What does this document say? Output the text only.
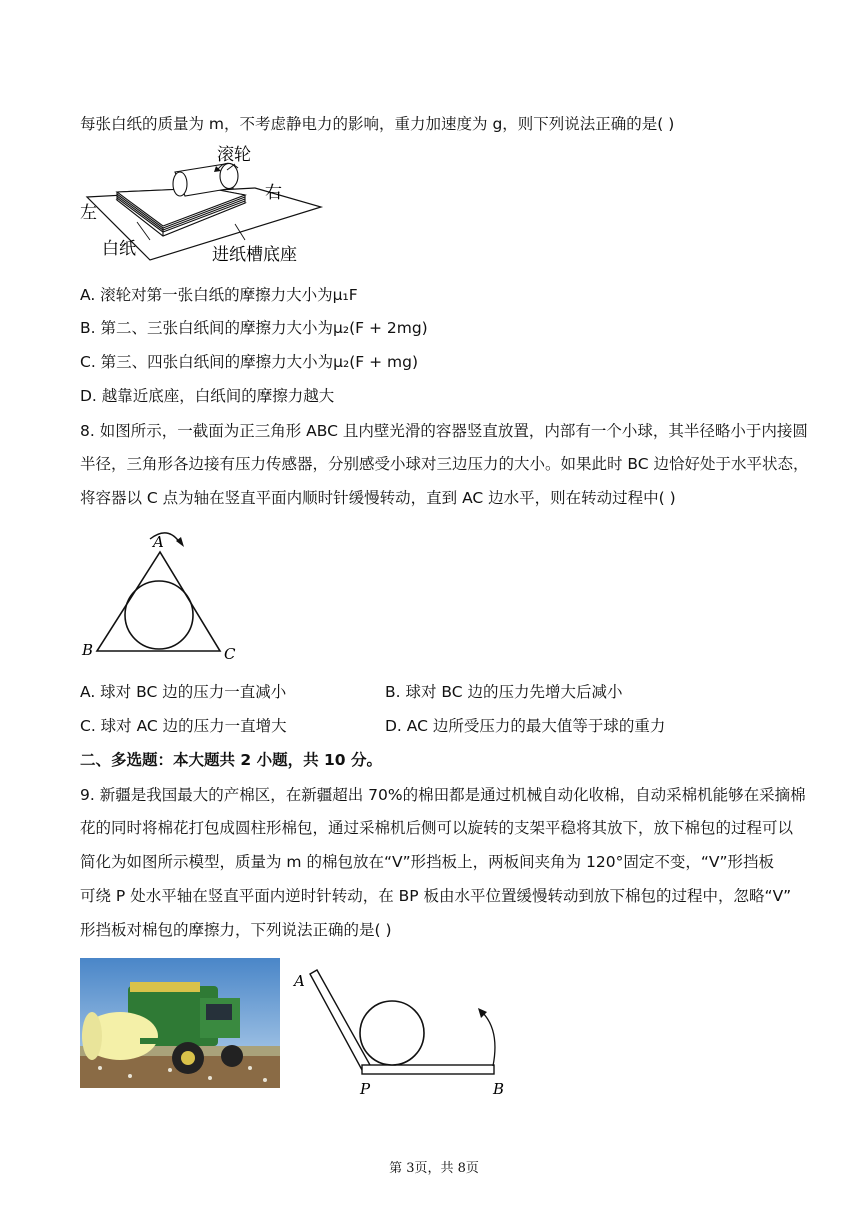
每张白纸的质量为 m，不考虑静电力的影响，重力加速度为 g，则下列说法正确的是( )
滚轮
右
左
白纸	进纸槽底座
A. 滚轮对第一张白纸的摩擦力大小为μ₁F
B. 第二、三张白纸间的摩擦力大小为μ₂(F + 2mg)
C. 第三、四张白纸间的摩擦力大小为μ₂(F + mg)
D. 越靠近底座，白纸间的摩擦力越大
8. 如图所示，一截面为正三角形 ABC 且内壁光滑的容器竖直放置，内部有一个小球，其半径略小于内接圆
半径，三角形各边接有压力传感器，分别感受小球对三边压力的大小。如果此时 BC 边恰好处于水平状态，
将容器以 C 点为轴在竖直平面内顺时针缓慢转动，直到 AC 边水平，则在转动过程中( )
A
B	C
A. 球对 BC 边的压力一直减小	B. 球对 BC 边的压力先增大后减小
C. 球对 AC 边的压力一直增大	D. AC 边所受压力的最大值等于球的重力
二、多选题：本大题共 2 小题，共 10 分。
9. 新疆是我国最大的产棉区，在新疆超出 70%的棉田都是通过机械自动化收棉，自动采棉机能够在采摘棉
花的同时将棉花打包成圆柱形棉包，通过采棉机后侧可以旋转的支架平稳将其放下，放下棉包的过程可以
简化为如图所示模型，质量为 m 的棉包放在“V”形挡板上，两板间夹角为 120°固定不变，“V”形挡板
可绕 P 处水平轴在竖直平面内逆时针转动，在 BP 板由水平位置缓慢转动到放下棉包的过程中，忽略“V”
形挡板对棉包的摩擦力，下列说法正确的是( )
A
P	B
第 3页，共 8页
